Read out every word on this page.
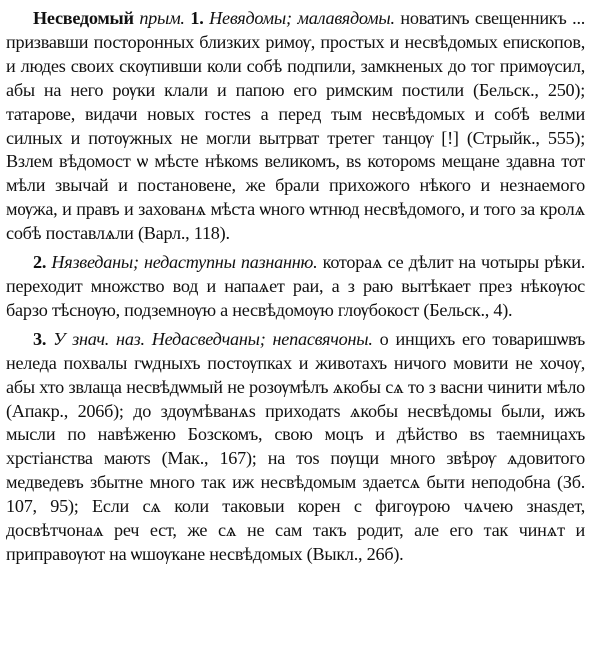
Несведомый прым. 1. Невядомы; малавядомы. новатиɴъ свещенникъ ... призвавши посторонных близких римѹ, простых и несвѣдомых епископов, и людеѕ своих скѹпивши коли собѣ подпили, замкненых до тог примѹсил, абы на него рѹки клали и папою его римским постили (Бельск., 250); татарове, видачи новых гостеѕ а перед тым несвѣдомых и собѣ велми силных и потѹжных не могли вытрват третег танцѹ [!] (Стрыйк., 555); Взлем вѣдомост ѡ мѣсте нѣкомѕ великомъ, вѕ которомѕ мещане здавна тот мѣли звычай и постановене, же брали прихожого нѣкого и незнаемого мѹжа, и правъ и захованѧ мѣста ѡного ѡтнюд несвѣдомого, и того за кролѧ собѣ поставлѧли (Варл., 118).

2. Нязведаны; недаступны пазнанню. котораѧ се дѣлит на чотыры рѣки. переходит множство вод и напаѧет раи, а з раю вытѣкает през нѣкѹюс барзо тѣснѹю, подземнѹю а несвѣдомѹю глѹбокост (Бельск., 4).

3. У знач. наз. Недасведчаны; непасвячоны. о инщихъ его товаришѡвъ неледа похвалы гѡдныхъ постѹпках и животахъ ничого мовити не хочѹ, абы хто звлаща несвѣдѡмый не розѹмѣлъ ѧкобы сѧ то з васни чинити мѣло (Апакр., 206б); до здѹмѣванѧѕ приходатѕ ѧкобы несвѣдомы были, ижъ мысли по навѣженю Бозскомъ, свою моцъ и дѣйство вѕ таемницахъ хрстіанства маютѕ (Мак., 167); на тоѕ пѹщи много звѣрѹ ѧдовитого медведевъ збытне много так иж несвѣдомым здаетсѧ быти неподобна (Зб. 107, 95); Если сѧ коли таковыи корен с фигѹрою чѧчею знаѕдет, досвѣтчонаѧ реч ест, же сѧ не сам такъ родит, але его так чинѧт и приправѹют на ѡшѹкане несвѣдомых (Выкл., 26б).
